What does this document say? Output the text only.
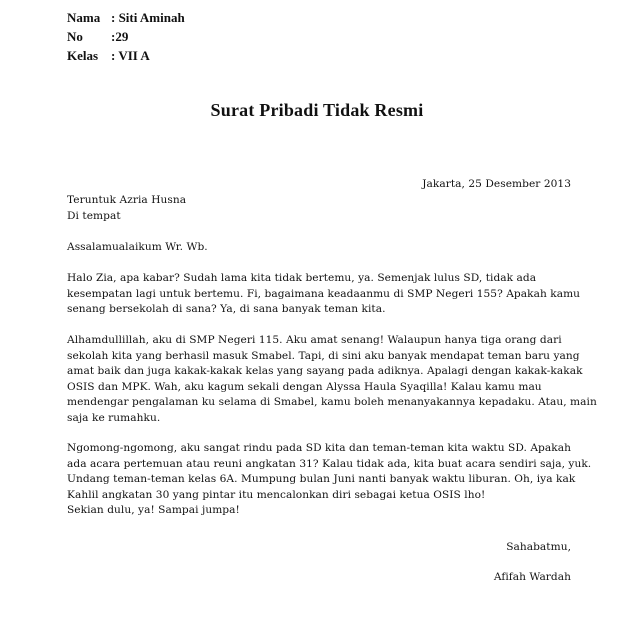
Nama : Siti Aminah
No	:29
Kelas : VII A
Surat Pribadi Tidak Resmi
Jakarta, 25 Desember 2013
Teruntuk Azria Husna
Di tempat
Assalamualaikum Wr. Wb.
Halo Zia, apa kabar? Sudah lama kita tidak bertemu, ya. Semenjak lulus SD, tidak ada
kesempatan lagi untuk bertemu. Fi, bagaimana keadaanmu di SMP Negeri 155? Apakah kamu
senang bersekolah di sana? Ya, di sana banyak teman kita.
Alhamdullillah, aku di SMP Negeri 115. Aku amat senang! Walaupun hanya tiga orang dari
sekolah kita yang berhasil masuk Smabel. Tapi, di sini aku banyak mendapat teman baru yang
amat baik dan juga kakak-kakak kelas yang sayang pada adiknya. Apalagi dengan kakak-kakak
OSIS dan MPK. Wah, aku kagum sekali dengan Alyssa Haula Syaqilla! Kalau kamu mau
mendengar pengalaman ku selama di Smabel, kamu boleh menanyakannya kepadaku. Atau, main
saja ke rumahku.
Ngomong-ngomong, aku sangat rindu pada SD kita dan teman-teman kita waktu SD. Apakah
ada acara pertemuan atau reuni angkatan 31? Kalau tidak ada, kita buat acara sendiri saja, yuk.
Undang teman-teman kelas 6A. Mumpung bulan Juni nanti banyak waktu liburan. Oh, iya kak
Kahlil angkatan 30 yang pintar itu mencalonkan diri sebagai ketua OSIS lho!
Sekian dulu, ya! Sampai jumpa!
Sahabatmu,
Afifah Wardah
